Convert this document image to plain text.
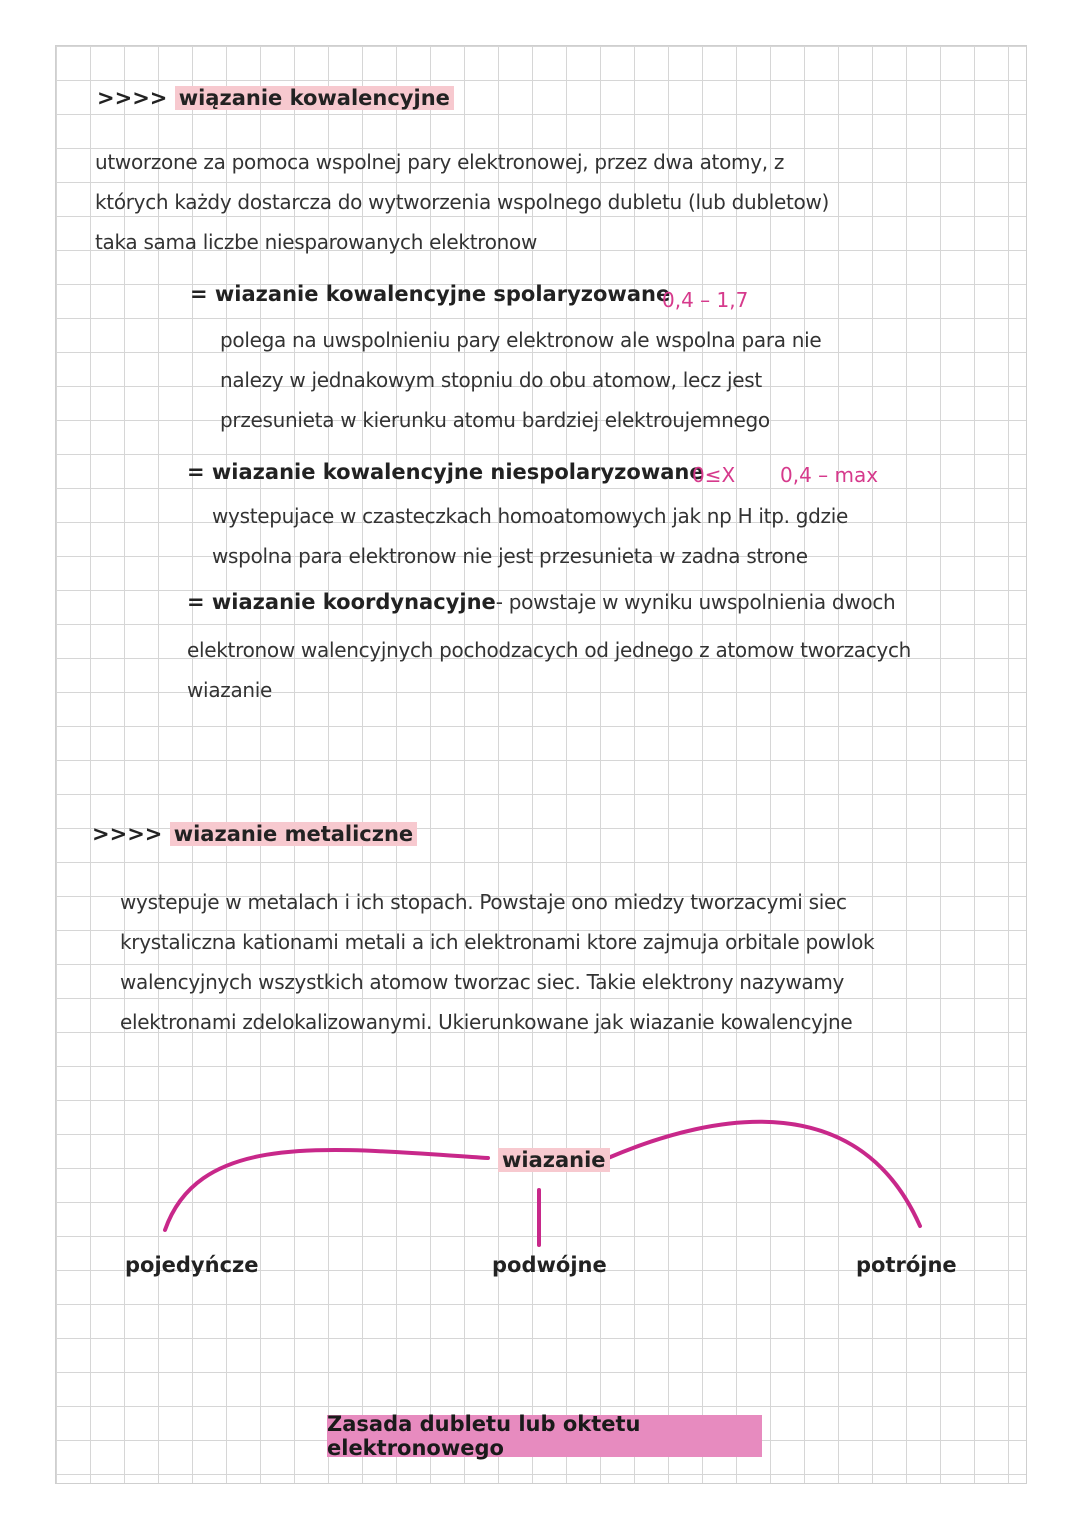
>>>> wiązanie kowalencyjne
utworzone za pomoca wspolnej pary elektronowej, przez dwa atomy, z
których każdy dostarcza do wytworzenia wspolnego dubletu (lub dubletow)
taka sama liczbe niesparowanych elektronow
= wiazanie kowalencyjne spolaryzowane
0,4 – 1,7
polega na uwspolnieniu pary elektronow ale wspolna para nie
nalezy w jednakowym stopniu do obu atomow, lecz jest
przesunieta w kierunku atomu bardziej elektroujemnego
= wiazanie kowalencyjne niespolaryzowane
0≤X 0,4 – max
wystepujace w czasteczkach homoatomowych jak np H itp. gdzie
wspolna para elektronow nie jest przesunieta w zadna strone
= wiazanie koordynacyjne- powstaje w wyniku uwspolnienia dwoch
elektronow walencyjnych pochodzacych od jednego z atomow tworzacych
wiazanie
>>>> wiazanie metaliczne
wystepuje w metalach i ich stopach. Powstaje ono miedzy tworzacymi siec
krystaliczna kationami metali a ich elektronami ktore zajmuja orbitale powlok
walencyjnych wszystkich atomow tworzac siec. Takie elektrony nazywamy
elektronami zdelokalizowanymi. Ukierunkowane jak wiazanie kowalencyjne
wiazanie
pojedyńcze	podwójne	potrójne
Zasada dubletu lub oktetu elektronowego
